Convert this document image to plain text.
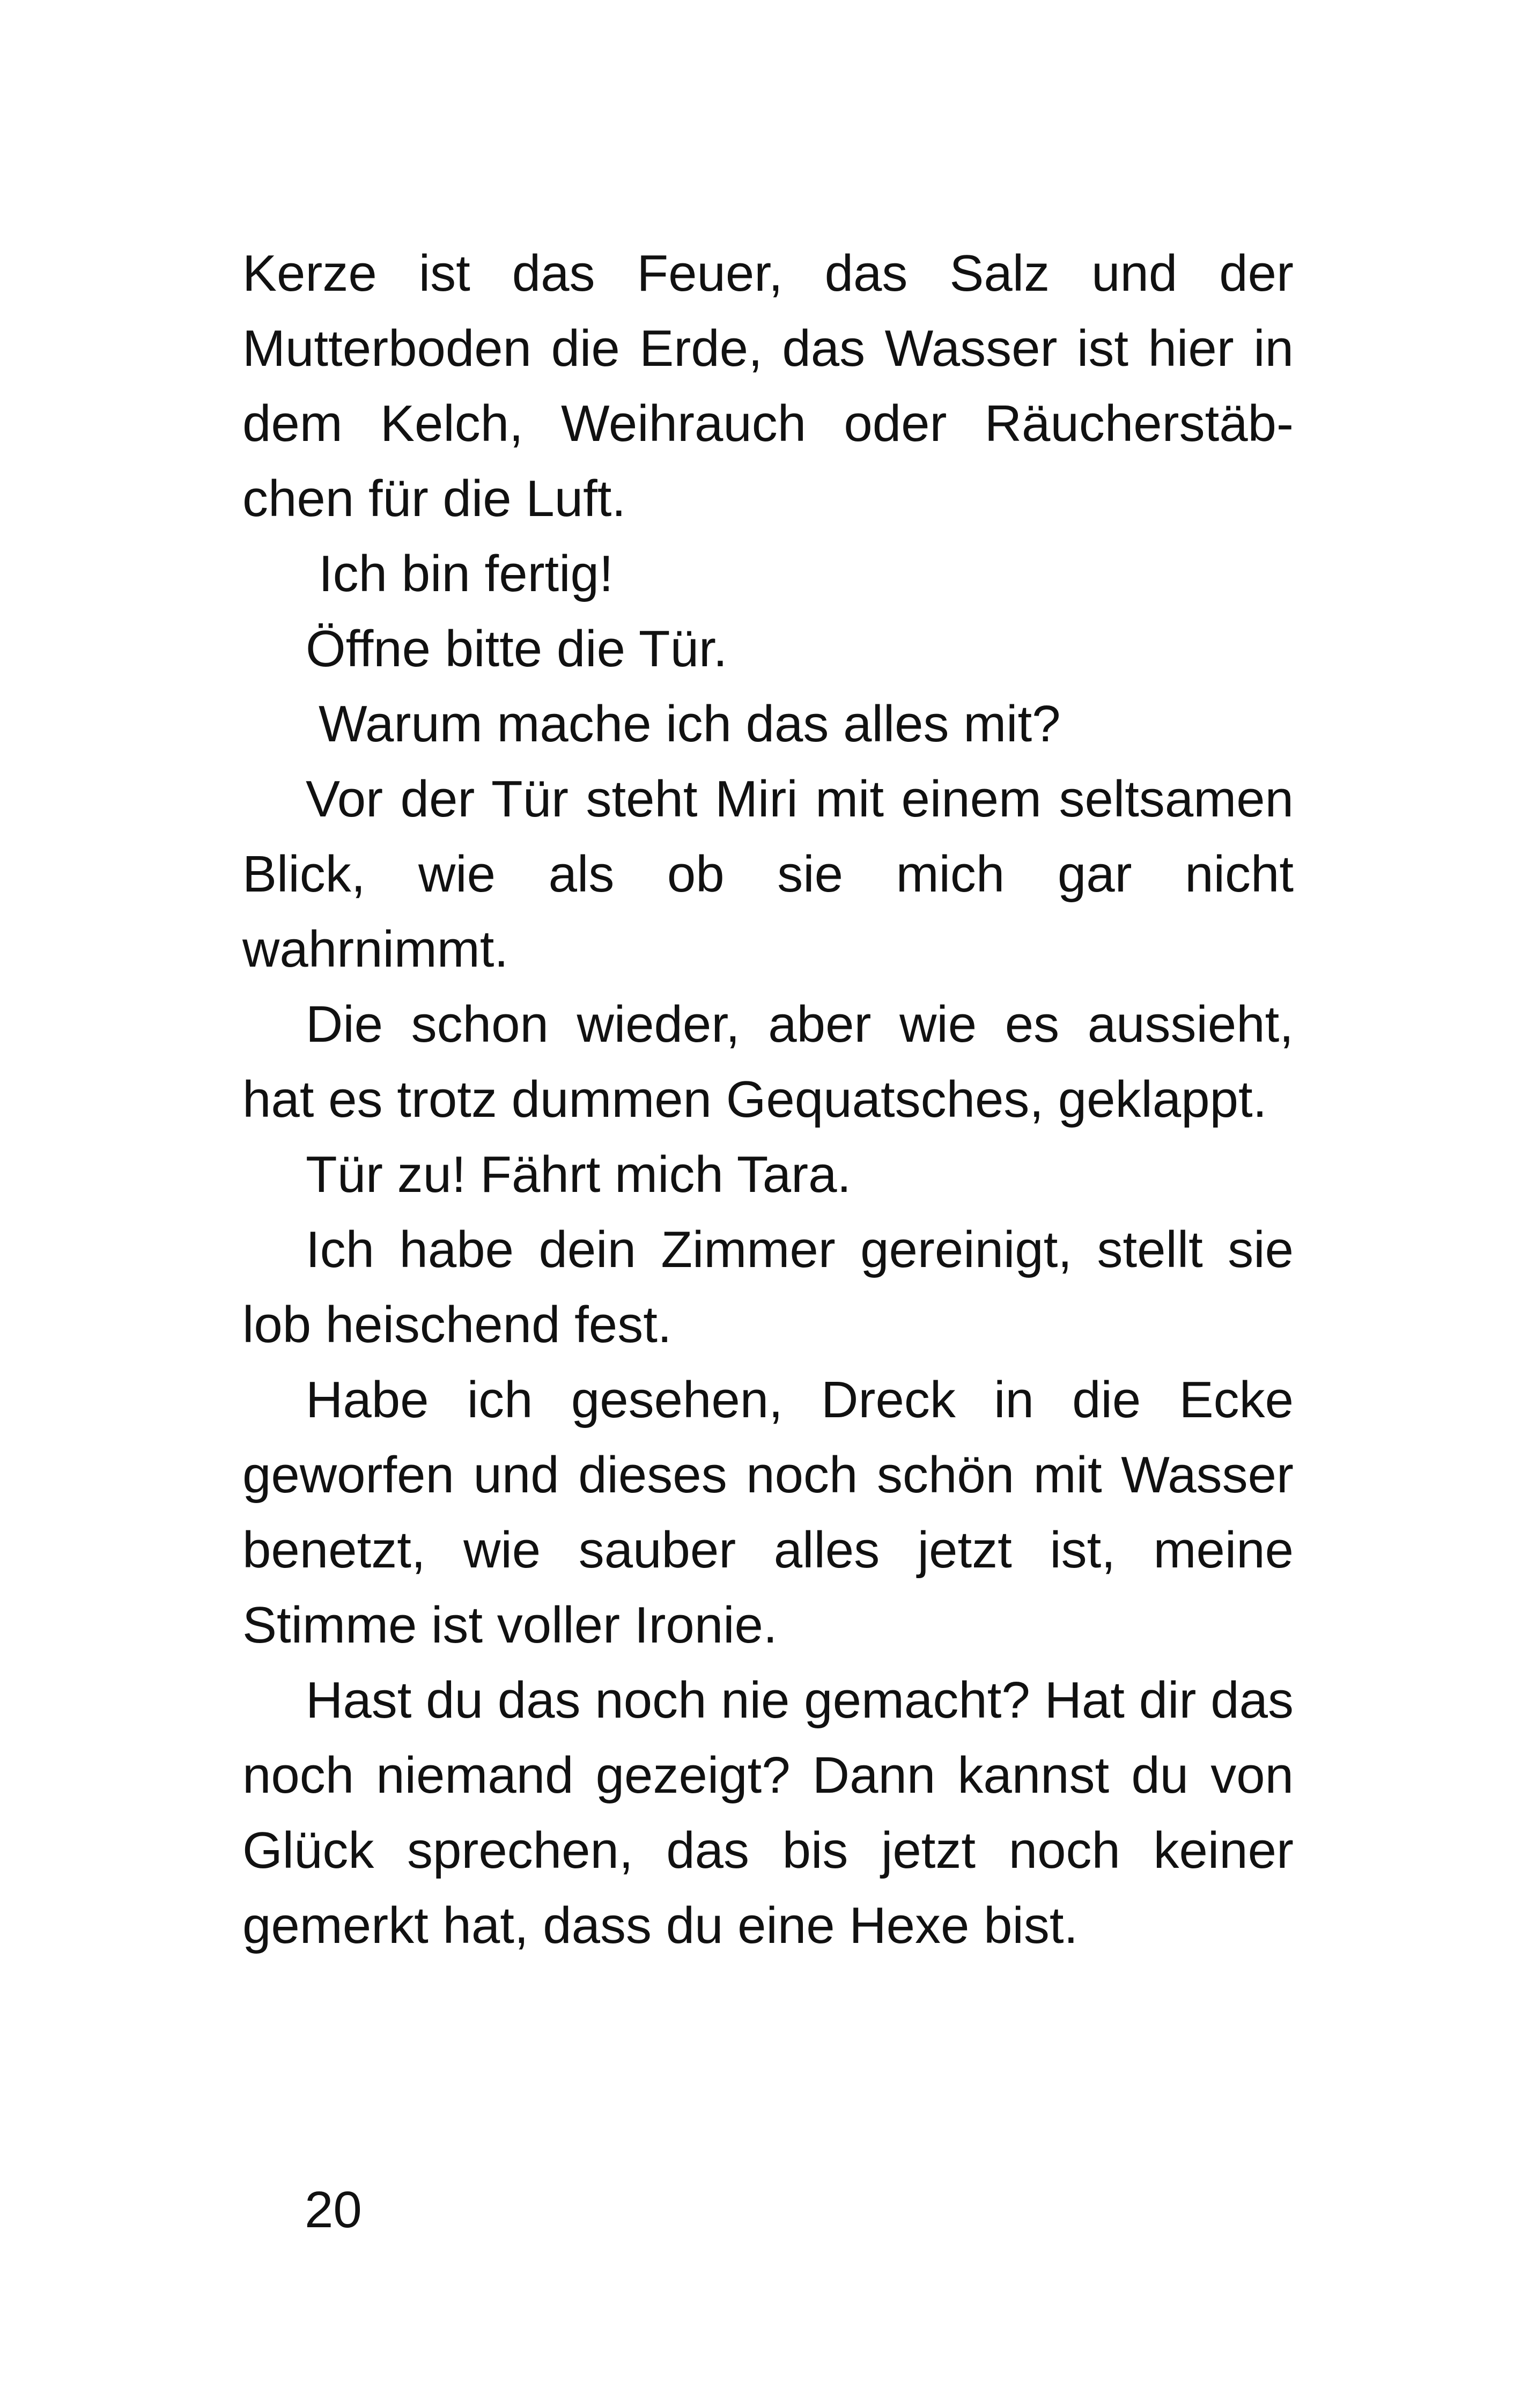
Kerze ist das Feuer, das Salz und der Mutterboden die Erde, das Wasser ist hier in dem Kelch, Weihrauch oder Räucherstäbchen für die Luft.

Ich bin fertig!

Öffne bitte die Tür.

Warum mache ich das alles mit?

Vor der Tür steht Miri mit einem seltsamen Blick, wie als ob sie mich gar nicht wahrnimmt.

Die schon wieder, aber wie es aussieht, hat es trotz dummen Gequatsches, geklappt.

Tür zu! Fährt mich Tara.

Ich habe dein Zimmer gereinigt, stellt sie lob heischend fest.

Habe ich gesehen, Dreck in die Ecke geworfen und dieses noch schön mit Wasser benetzt, wie sauber alles jetzt ist, meine Stimme ist voller Ironie.

Hast du das noch nie gemacht? Hat dir das noch niemand gezeigt? Dann kannst du von Glück sprechen, das bis jetzt noch keiner gemerkt hat, dass du eine Hexe bist.

20
